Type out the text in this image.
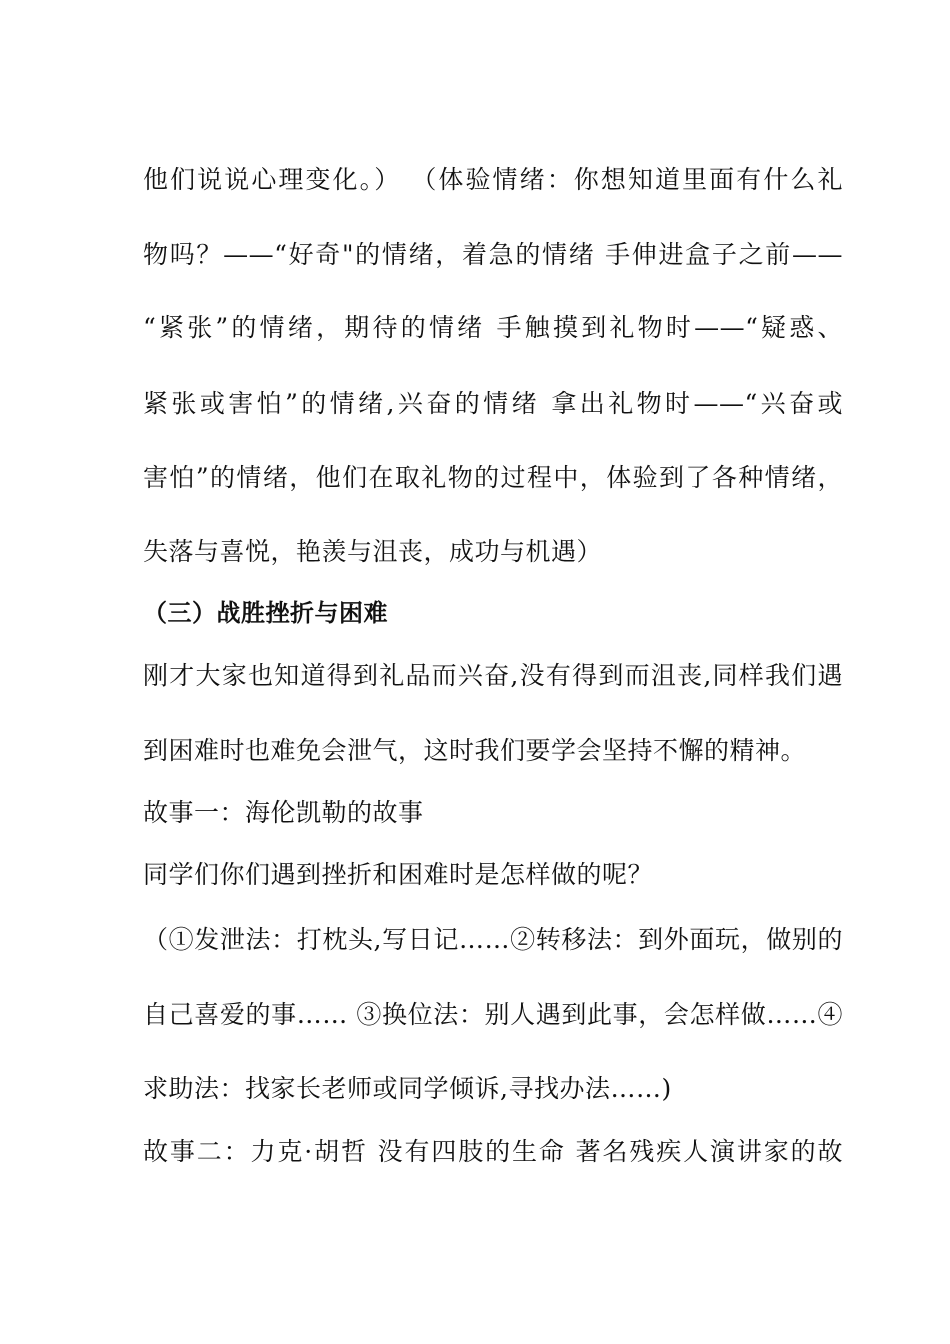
他们说说心理变化。） （体验情绪：你想知道里面有什么礼
物吗？——“好奇"的情绪，着急的情绪 手伸进盒子之前——
“紧张”的情绪，期待的情绪 手触摸到礼物时——“疑惑、
紧张或害怕”的情绪,兴奋的情绪 拿出礼物时——“兴奋或
害怕”的情绪，他们在取礼物的过程中，体验到了各种情绪，
失落与喜悦，艳羡与沮丧，成功与机遇）
（三）战胜挫折与困难
刚才大家也知道得到礼品而兴奋,没有得到而沮丧,同样我们遇
到困难时也难免会泄气，这时我们要学会坚持不懈的精神。
故事一：海伦凯勒的故事
同学们你们遇到挫折和困难时是怎样做的呢？
（①发泄法：打枕头,写日记……②转移法：到外面玩，做别的
自己喜爱的事…… ③换位法：别人遇到此事，会怎样做……④
求助法：找家长老师或同学倾诉,寻找办法……)
故事二：力克·胡哲 没有四肢的生命 著名残疾人演讲家的故
